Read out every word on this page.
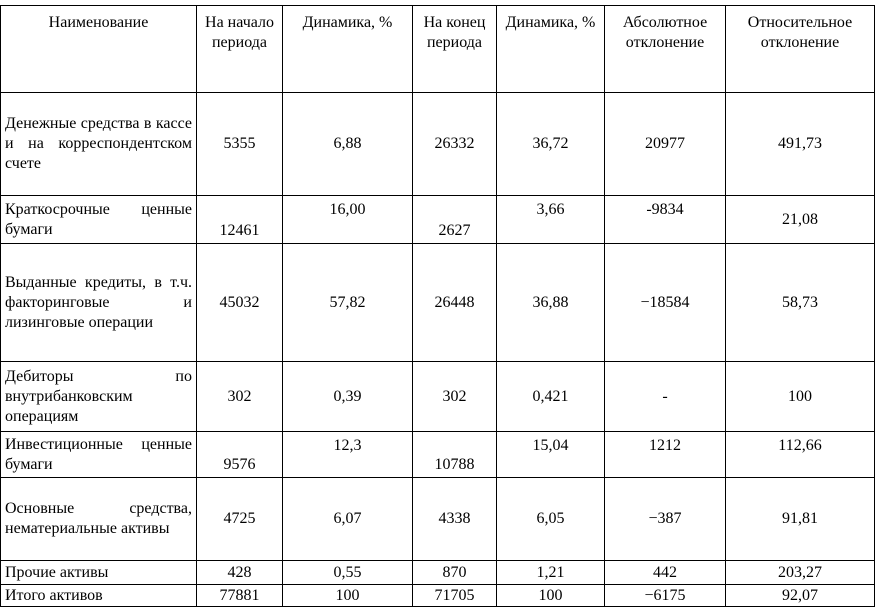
Наименование	На начало периода	Динамика, %	На конец периода	Динамика, %	Абсолютное отклонение	Относительное отклонение

Денежные средства в кассе и на корреспондентском счете	5355	6,88	26332	36,72	20977	491,73

Краткосрочные ценные бумаги	12461	16,00	2627	3,66	-9834	21,08

Выданные кредиты, в т.ч. факторинговые и лизинговые операции	45032	57,82	26448	36,88	−18584	58,73

Дебиторы по внутрибанковским операциям	302	0,39	302	0,421	-	100

Инвестиционные ценные бумаги	9576	12,3	10788	15,04	1212	112,66

Основные средства, нематериальные активы	4725	6,07	4338	6,05	−387	91,81

Прочие активы	428	0,55	870	1,21	442	203,27

Итого активов	77881	100	71705	100	−6175	92,07
